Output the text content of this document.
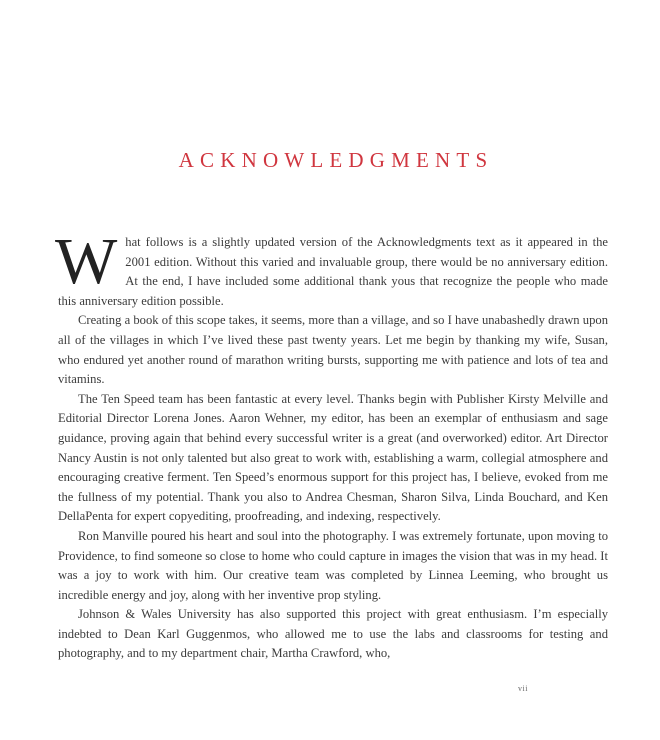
ACKNOWLEDGMENTS

What follows is a slightly updated version of the Acknowledgments text as it appeared in the 2001 edition. Without this varied and invaluable group, there would be no anniversary edition. At the end, I have included some additional thank yous that recognize the people who made this anniversary edition possible.

Creating a book of this scope takes, it seems, more than a village, and so I have unabashedly drawn upon all of the villages in which I’ve lived these past twenty years. Let me begin by thanking my wife, Susan, who endured yet another round of marathon writing bursts, supporting me with patience and lots of tea and vitamins.

The Ten Speed team has been fantastic at every level. Thanks begin with Publisher Kirsty Melville and Editorial Director Lorena Jones. Aaron Wehner, my editor, has been an exemplar of enthusiasm and sage guidance, proving again that behind every successful writer is a great (and overworked) editor. Art Director Nancy Austin is not only talented but also great to work with, establishing a warm, collegial atmosphere and encouraging creative ferment. Ten Speed’s enormous support for this project has, I believe, evoked from me the fullness of my potential. Thank you also to Andrea Chesman, Sharon Silva, Linda Bouchard, and Ken DellaPenta for expert copyediting, proofreading, and indexing, respectively.

Ron Manville poured his heart and soul into the photography. I was extremely fortunate, upon moving to Providence, to find someone so close to home who could capture in images the vision that was in my head. It was a joy to work with him. Our creative team was completed by Linnea Leeming, who brought us incredible energy and joy, along with her inventive prop styling.

Johnson & Wales University has also supported this project with great enthusiasm. I’m especially indebted to Dean Karl Guggenmos, who allowed me to use the labs and classrooms for testing and photography, and to my department chair, Martha Crawford, who,

vii
